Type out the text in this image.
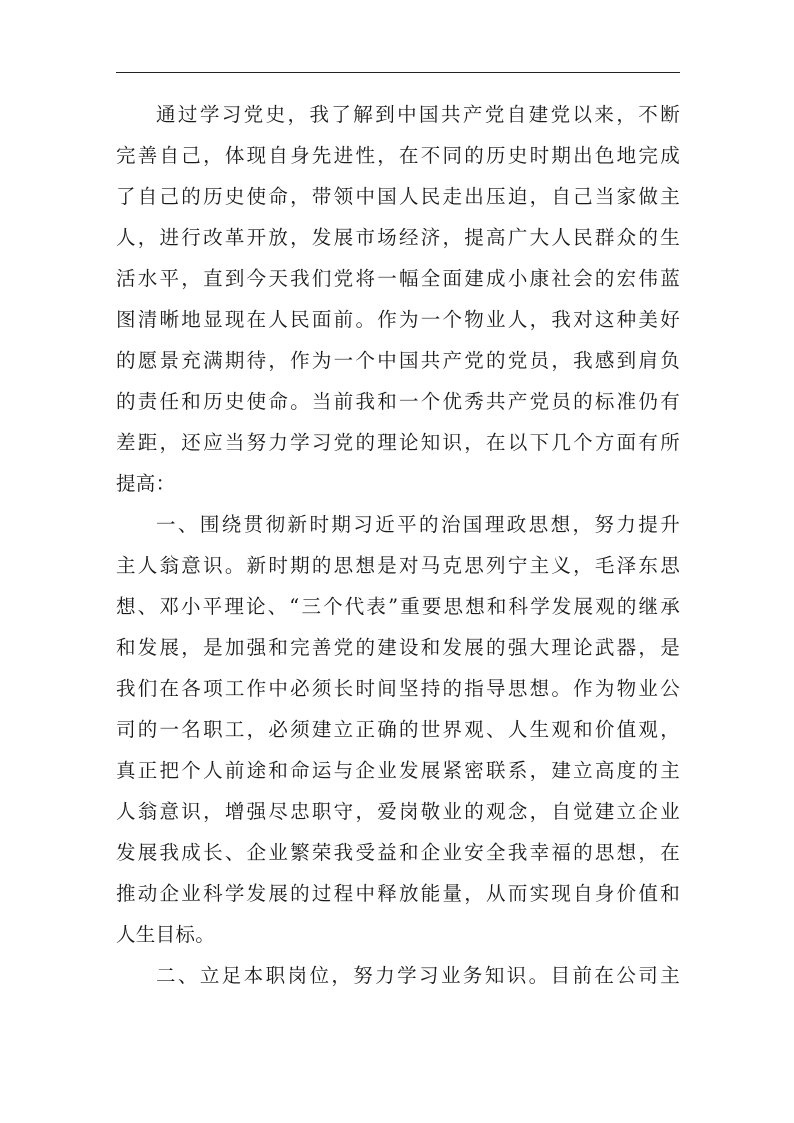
通过学习党史，我了解到中国共产党自建党以来，不断
完善自己，体现自身先进性，在不同的历史时期出色地完成
了自己的历史使命，带领中国人民走出压迫，自己当家做主
人，进行改革开放，发展市场经济，提高广大人民群众的生
活水平，直到今天我们党将一幅全面建成小康社会的宏伟蓝
图清晰地显现在人民面前。作为一个物业人，我对这种美好
的愿景充满期待，作为一个中国共产党的党员，我感到肩负
的责任和历史使命。当前我和一个优秀共产党员的标准仍有
差距，还应当努力学习党的理论知识，在以下几个方面有所
提高：
一、围绕贯彻新时期习近平的治国理政思想，努力提升
主人翁意识。新时期的思想是对马克思列宁主义，毛泽东思
想、邓小平理论、“三个代表”重要思想和科学发展观的继承
和发展，是加强和完善党的建设和发展的强大理论武器，是
我们在各项工作中必须长时间坚持的指导思想。作为物业公
司的一名职工，必须建立正确的世界观、人生观和价值观，
真正把个人前途和命运与企业发展紧密联系，建立高度的主
人翁意识，增强尽忠职守，爱岗敬业的观念，自觉建立企业
发展我成长、企业繁荣我受益和企业安全我幸福的思想，在
推动企业科学发展的过程中释放能量，从而实现自身价值和
人生目标。
二、立足本职岗位，努力学习业务知识。目前在公司主
